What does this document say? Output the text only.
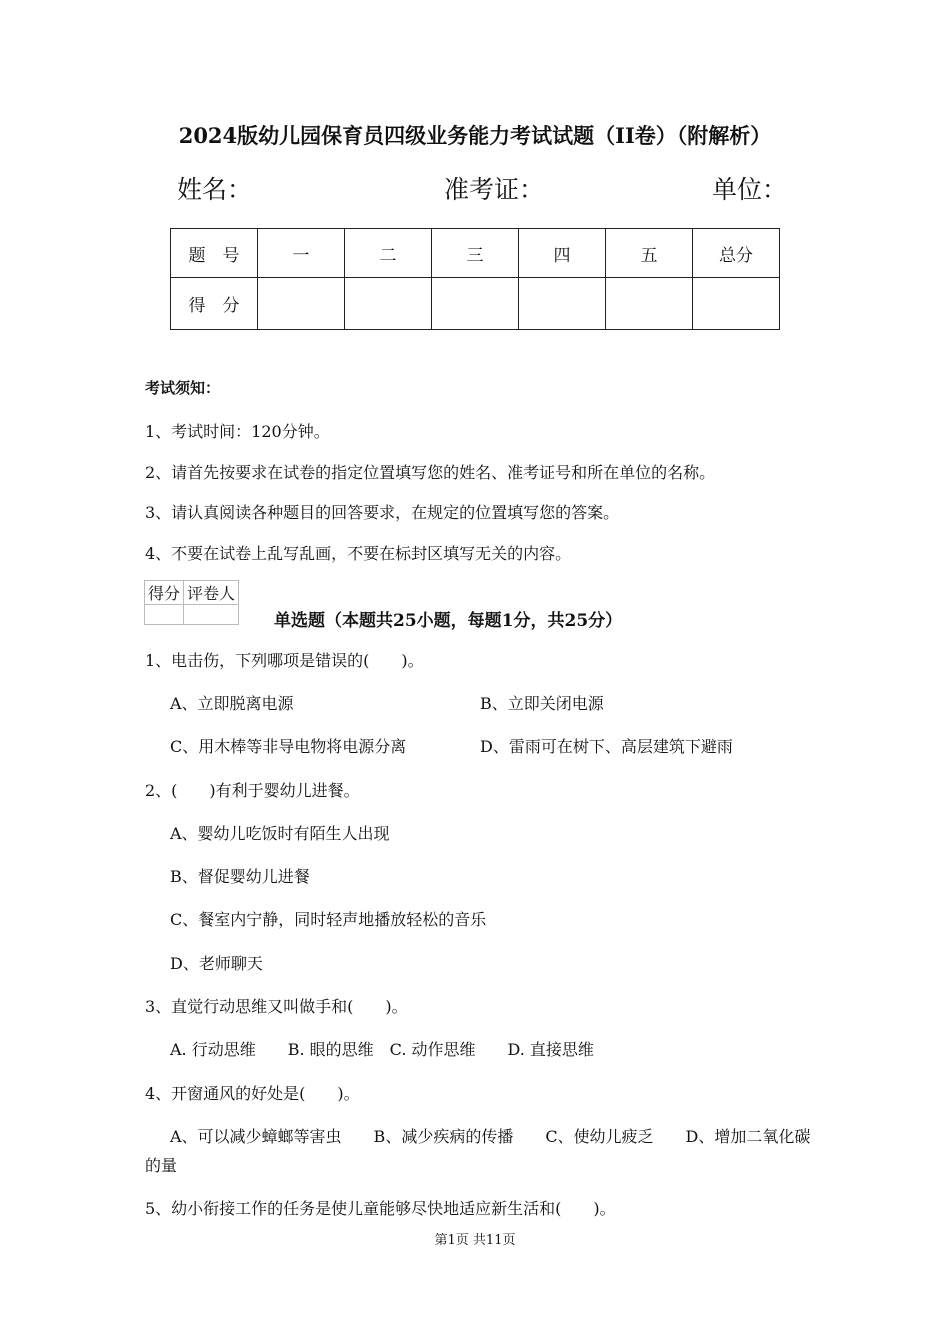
2024版幼儿园保育员四级业务能力考试试题（II卷）（附解析）
姓名：	准考证：	单位：
题　号	一	二	三	四	五	总分
得　分						
考试须知：
1、考试时间：120分钟。
2、请首先按要求在试卷的指定位置填写您的姓名、准考证号和所在单位的名称。
3、请认真阅读各种题目的回答要求，在规定的位置填写您的答案。
4、不要在试卷上乱写乱画，不要在标封区填写无关的内容。
得分	评卷人

单选题（本题共25小题，每题1分，共25分）
1、电击伤，下列哪项是错误的(　　)。
A、立即脱离电源	B、立即关闭电源
C、用木棒等非导电物将电源分离	D、雷雨可在树下、高层建筑下避雨
2、(　　)有利于婴幼儿进餐。
A、婴幼儿吃饭时有陌生人出现
B、督促婴幼儿进餐
C、餐室内宁静，同时轻声地播放轻松的音乐
D、老师聊天
3、直觉行动思维又叫做手和(　　)。
A. 行动思维　　B. 眼的思维　C. 动作思维　　D. 直接思维
4、开窗通风的好处是(　　)。
A、可以减少蟑螂等害虫　　B、减少疾病的传播　　C、使幼儿疲乏　　D、增加二氧化碳
的量
5、幼小衔接工作的任务是使儿童能够尽快地适应新生活和(　　)。
第1页 共11页
